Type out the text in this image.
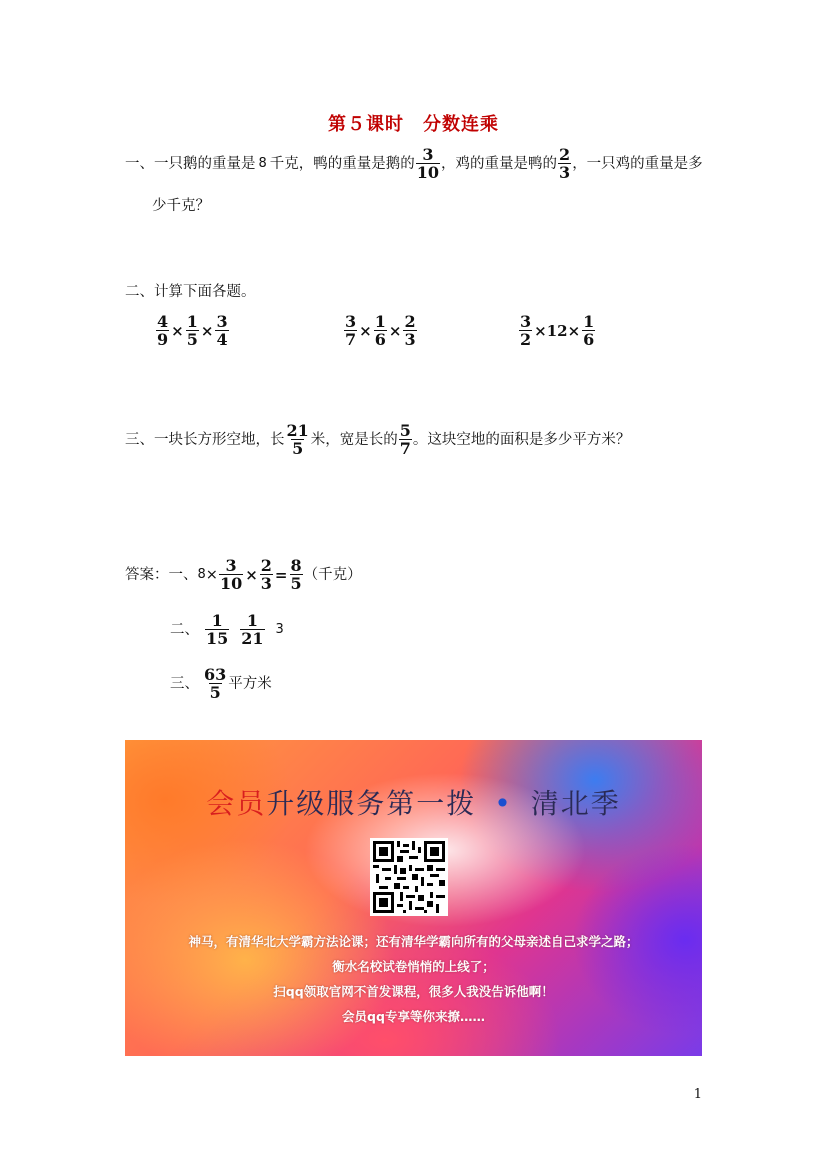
第５课时　分数连乘
一、一只鹅的重量是 8 千克，鸭的重量是鹅的 $\frac{3}{10}$ ，鸡的重量是鸭的 $\frac{2}{3}$ ，一只鸡的重量是多
少千克？
二、计算下面各题。
$\frac{4}{9} \times \frac{1}{5} \times \frac{3}{4}$	$\frac{3}{7} \times \frac{1}{6} \times \frac{2}{3}$	$\frac{3}{2} \times 12\times \frac{1}{6}$
三、一块长方形空地，长 $\frac{21}{5}$ 米，宽是长的 $\frac{5}{7}$ 。这块空地的面积是多少平方米？
答案：一、 $8 \times \frac{3}{10} \times \frac{2}{3} = \frac{8}{5}$ （千克）
二、 $\frac{1}{15} \frac{1}{21} 3$
三、 $\frac{63}{5}$ 平方米
会员升级服务第一拨 • 清北季
神马，有清华北大学霸方法论课；还有清华学霸向所有的父母亲述自己求学之路；
衡水名校试卷悄悄的上线了；
扫qq领取官网不首发课程，很多人我没告诉他啊！
会员qq专享等你来撩……
1
